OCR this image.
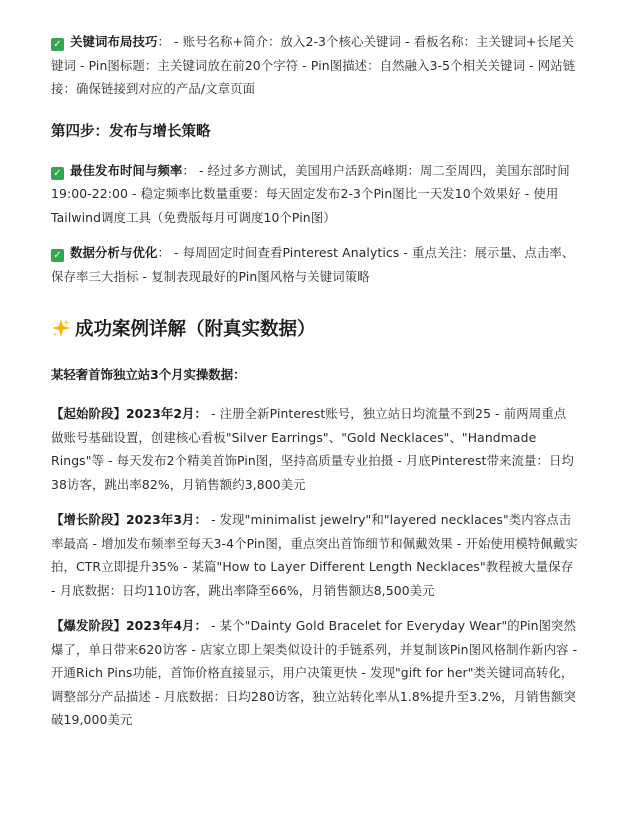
✓ 关键词布局技巧： - 账号名称+简介：放入2-3个核心关键词 - 看板名称：主关键词+长尾关键词 - Pin图标题：主关键词放在前20个字符 - Pin图描述：自然融入3-5个相关关键词 - 网站链接：确保链接到对应的产品/文章页面

第四步：发布与增长策略

✓ 最佳发布时间与频率： - 经过多方测试，美国用户活跃高峰期：周二至周四，美国东部时间19:00-22:00 - 稳定频率比数量重要：每天固定发布2-3个Pin图比一天发10个效果好 - 使用Tailwind调度工具（免费版每月可调度10个Pin图）

✓ 数据分析与优化： - 每周固定时间查看Pinterest Analytics - 重点关注：展示量、点击率、保存率三大指标 - 复制表现最好的Pin图风格与关键词策略

成功案例详解（附真实数据）

某轻奢首饰独立站3个月实操数据：

【起始阶段】2023年2月： - 注册全新Pinterest账号，独立站日均流量不到25 - 前两周重点做账号基础设置，创建核心看板"Silver Earrings"、"Gold Necklaces"、"Handmade Rings"等 - 每天发布2个精美首饰Pin图，坚持高质量专业拍摄 - 月底Pinterest带来流量：日均38访客，跳出率82%，月销售额约3,800美元

【增长阶段】2023年3月： - 发现"minimalist jewelry"和"layered necklaces"类内容点击率最高 - 增加发布频率至每天3-4个Pin图，重点突出首饰细节和佩戴效果 - 开始使用模特佩戴实拍，CTR立即提升35% - 某篇"How to Layer Different Length Necklaces"教程被大量保存 - 月底数据：日均110访客，跳出率降至66%，月销售额达8,500美元

【爆发阶段】2023年4月： - 某个"Dainty Gold Bracelet for Everyday Wear"的Pin图突然爆了，单日带来620访客 - 店家立即上架类似设计的手链系列，并复制该Pin图风格制作新内容 - 开通Rich Pins功能，首饰价格直接显示，用户决策更快 - 发现"gift for her"类关键词高转化，调整部分产品描述 - 月底数据：日均280访客，独立站转化率从1.8%提升至3.2%，月销售额突破19,000美元
